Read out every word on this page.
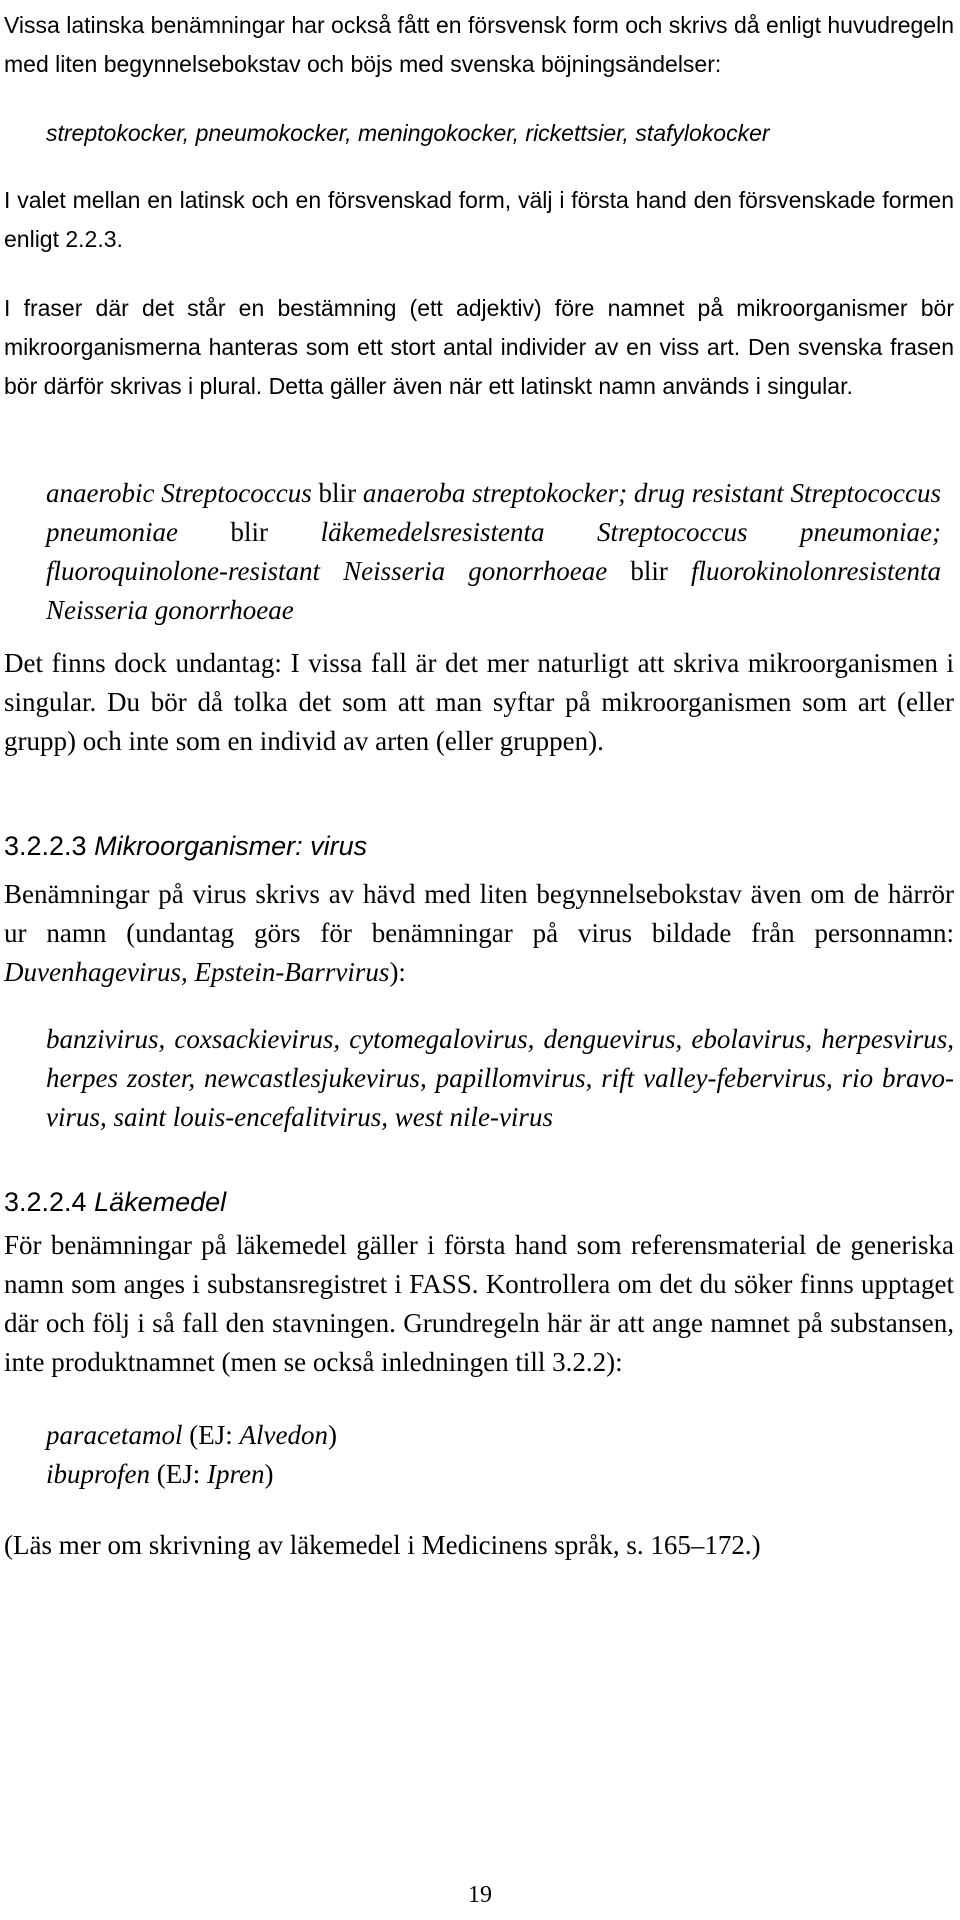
Vissa latinska benämningar har också fått en försvensk form och skrivs då enligt huvudregeln med liten begynnelsebokstav och böjs med svenska böjningsändelser:

streptokocker, pneumokocker, meningokocker, rickettsier, stafylokocker

I valet mellan en latinsk och en försvenskad form, välj i första hand den försvenskade formen enligt 2.2.3.

I fraser där det står en bestämning (ett adjektiv) före namnet på mikroorganismer bör mikroorganismerna hanteras som ett stort antal individer av en viss art. Den svenska frasen bör därför skrivas i plural. Detta gäller även när ett latinskt namn används i singular.

anaerobic Streptococcus blir anaeroba streptokocker; drug resistant Streptococcus pneumoniae blir läkemedelsresistenta Streptococcus pneumoniae; fluoroquinolone-resistant Neisseria gonorrhoeae blir fluorokinolonresistenta Neisseria gonorrhoeae

Det finns dock undantag: I vissa fall är det mer naturligt att skriva mikroorganismen i singular. Du bör då tolka det som att man syftar på mikroorganismen som art (eller grupp) och inte som en individ av arten (eller gruppen).

3.2.2.3 Mikroorganismer: virus

Benämningar på virus skrivs av hävd med liten begynnelsebokstav även om de härrör ur namn (undantag görs för benämningar på virus bildade från personnamn: Duvenhagevirus, Epstein-Barrvirus):

banzivirus, coxsackievirus, cytomegalovirus, denguevirus, ebolavirus, herpesvirus, herpes zoster, newcastlesjukevirus, papillomvirus, rift valley-febervirus, rio bravo-virus, saint louis-encefalitvirus, west nile-virus

3.2.2.4 Läkemedel

För benämningar på läkemedel gäller i första hand som referensmaterial de generiska namn som anges i substansregistret i FASS. Kontrollera om det du söker finns upptaget där och följ i så fall den stavningen. Grundregeln här är att ange namnet på substansen, inte produktnamnet (men se också inledningen till 3.2.2):

paracetamol (EJ: Alvedon)

ibuprofen (EJ: Ipren)

(Läs mer om skrivning av läkemedel i Medicinens språk, s. 165–172.)

19
